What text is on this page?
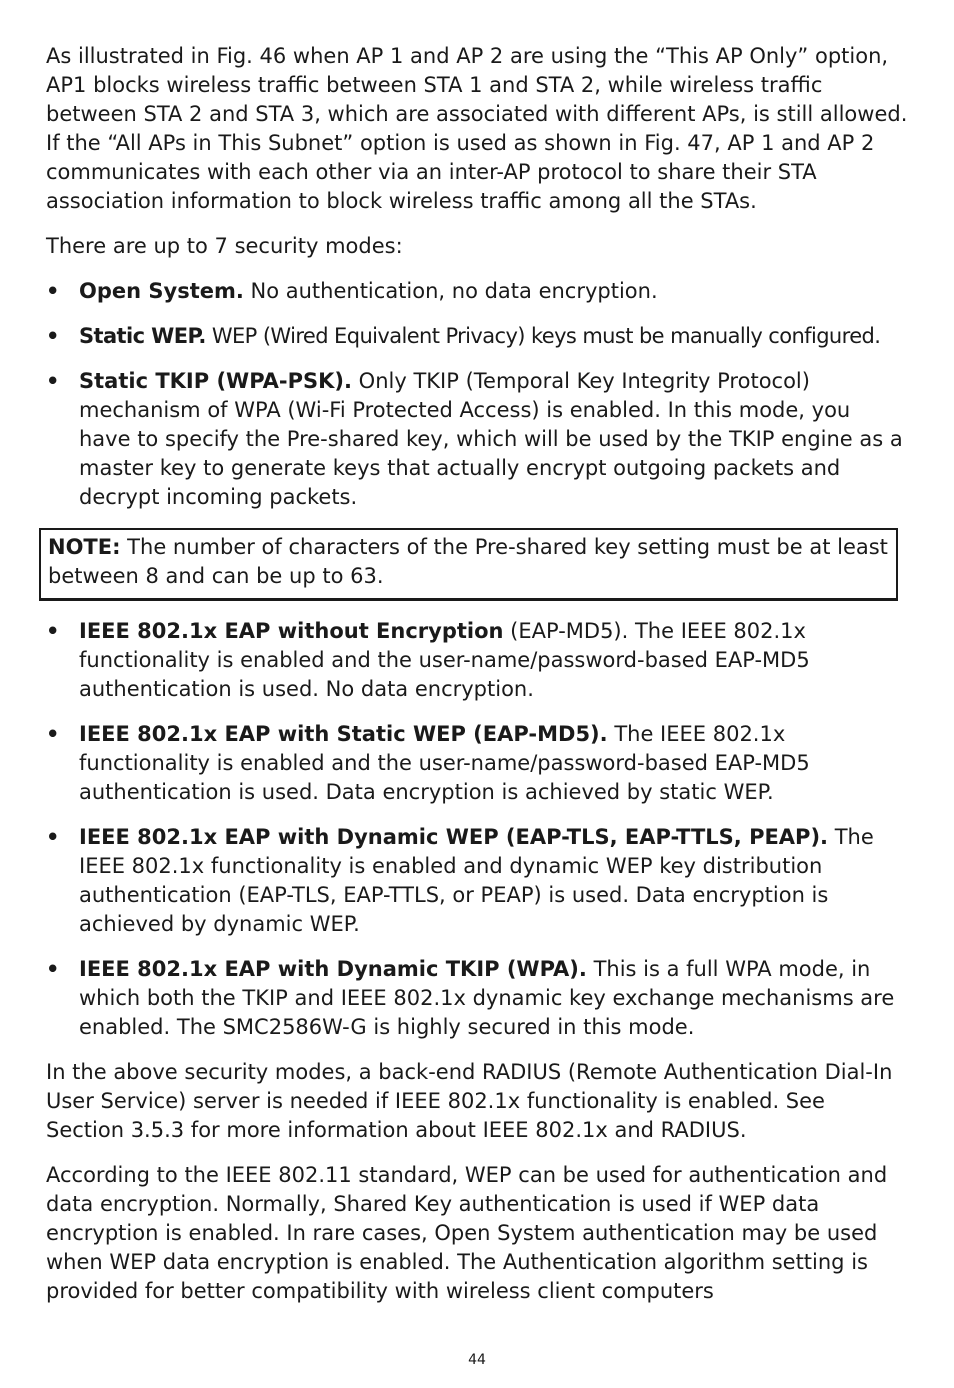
As illustrated in Fig. 46 when AP 1 and AP 2 are using the “This AP Only” option, AP1 blocks wireless traffic between STA 1 and STA 2, while wireless traffic between STA 2 and STA 3, which are associated with different APs, is still allowed. If the “All APs in This Subnet” option is used as shown in Fig. 47, AP 1 and AP 2 communicates with each other via an inter-AP protocol to share their STA association information to block wireless traffic among all the STAs.

There are up to 7 security modes:

• Open System. No authentication, no data encryption.
• Static WEP. WEP (Wired Equivalent Privacy) keys must be manually configured.
• Static TKIP (WPA-PSK). Only TKIP (Temporal Key Integrity Protocol) mechanism of WPA (Wi-Fi Protected Access) is enabled. In this mode, you have to specify the Pre-shared key, which will be used by the TKIP engine as a master key to generate keys that actually encrypt outgoing packets and decrypt incoming packets.
NOTE: The number of characters of the Pre-shared key setting must be at least between 8 and can be up to 63.
• IEEE 802.1x EAP without Encryption (EAP-MD5). The IEEE 802.1x functionality is enabled and the user-name/password-based EAP-MD5 authentication is used. No data encryption.
• IEEE 802.1x EAP with Static WEP (EAP-MD5). The IEEE 802.1x functionality is enabled and the user-name/password-based EAP-MD5 authentication is used. Data encryption is achieved by static WEP.
• IEEE 802.1x EAP with Dynamic WEP (EAP-TLS, EAP-TTLS, PEAP). The IEEE 802.1x functionality is enabled and dynamic WEP key distribution authentication (EAP-TLS, EAP-TTLS, or PEAP) is used. Data encryption is achieved by dynamic WEP.
• IEEE 802.1x EAP with Dynamic TKIP (WPA). This is a full WPA mode, in which both the TKIP and IEEE 802.1x dynamic key exchange mechanisms are enabled. The SMC2586W-G is highly secured in this mode.

In the above security modes, a back-end RADIUS (Remote Authentication Dial-In User Service) server is needed if IEEE 802.1x functionality is enabled. See Section 3.5.3 for more information about IEEE 802.1x and RADIUS.

According to the IEEE 802.11 standard, WEP can be used for authentication and data encryption. Normally, Shared Key authentication is used if WEP data encryption is enabled. In rare cases, Open System authentication may be used when WEP data encryption is enabled. The Authentication algorithm setting is provided for better compatibility with wireless client computers

44
